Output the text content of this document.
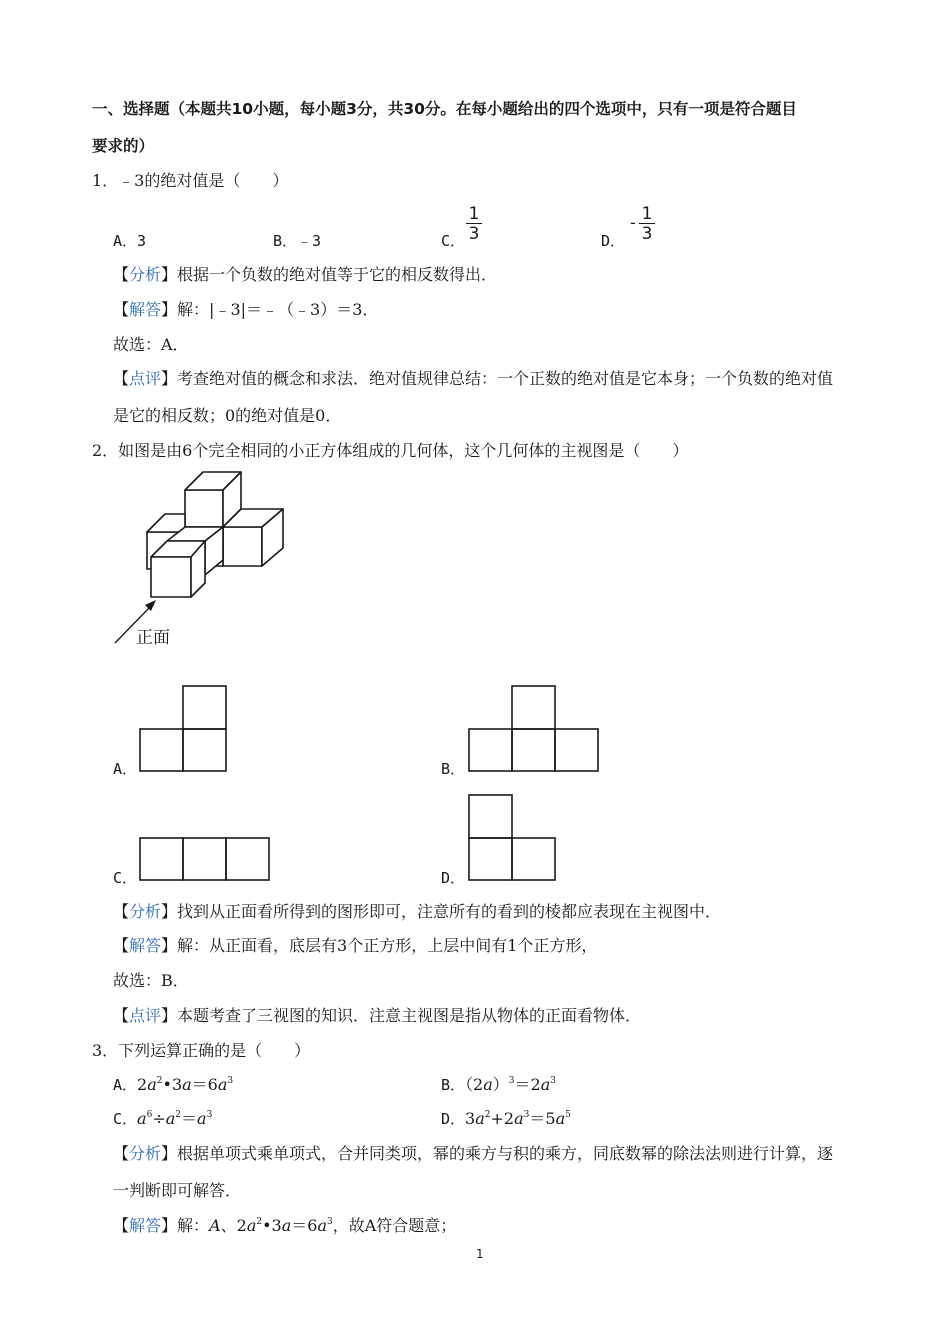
一、选择题（本题共10小题，每小题3分，共30分。在每小题给出的四个选项中，只有一项是符合题目
要求的）
1．﹣3的绝对值是（　　）
A．3	B．﹣3	C． $\frac{1}{3}$	D．
- $\frac{1}{3}$
【分析】根据一个负数的绝对值等于它的相反数得出．
【解答】解：|﹣3|＝﹣（﹣3）＝3．
故选：A．
【点评】考查绝对值的概念和求法．绝对值规律总结：一个正数的绝对值是它本身；一个负数的绝对值
是它的相反数；0的绝对值是0．
2．如图是由6个完全相同的小正方体组成的几何体，这个几何体的主视图是（　　）
正面
A．	B．
C．	D．
【分析】找到从正面看所得到的图形即可，注意所有的看到的棱都应表现在主视图中．
【解答】解：从正面看，底层有3个正方形，上层中间有1个正方形，
故选：B．
【点评】本题考查了三视图的知识．注意主视图是指从物体的正面看物体．
3．下列运算正确的是（　　）
A．$2a^2•3a=6a^3$	B．$(2a)^3=2a^3$
C．$a^6\div a^2=a^3$	D．$3a^2+2a^3=5a^5$
【分析】根据单项式乘单项式，合并同类项，幂的乘方与积的乘方，同底数幂的除法法则进行计算，逐
一判断即可解答．
【解答】解：A、$2a^2•3a=6a^3$，故A符合题意；
1
